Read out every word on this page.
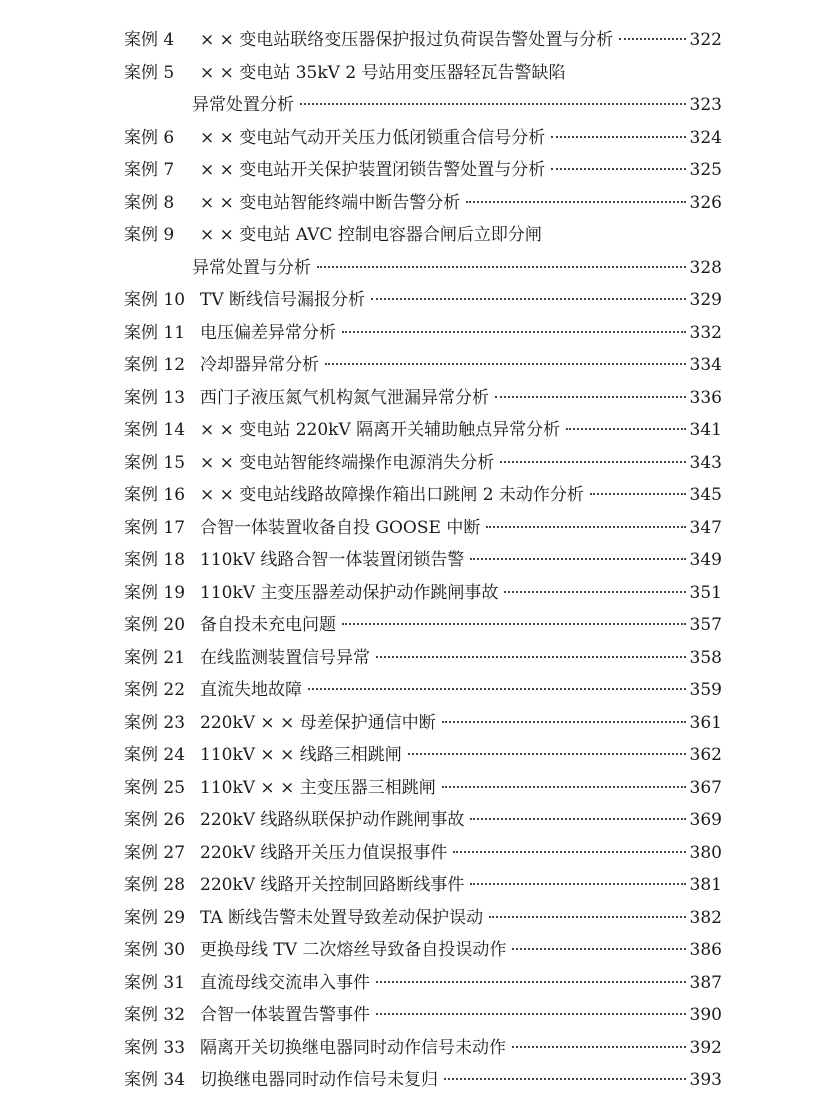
案例 4	× × 变电站联络变压器保护报过负荷误告警处置与分析	322
案例 5	× × 变电站 35kV 2 号站用变压器轻瓦告警缺陷
异常处置分析	323
案例 6	× × 变电站气动开关压力低闭锁重合信号分析	324
案例 7	× × 变电站开关保护装置闭锁告警处置与分析	325
案例 8	× × 变电站智能终端中断告警分析	326
案例 9	× × 变电站 AVC 控制电容器合闸后立即分闸
异常处置与分析	328
案例 10 TV 断线信号漏报分析	329
案例 11 电压偏差异常分析	332
案例 12 冷却器异常分析	334
案例 13 西门子液压氮气机构氮气泄漏异常分析	336
案例 14 × × 变电站 220kV 隔离开关辅助触点异常分析	341
案例 15 × × 变电站智能终端操作电源消失分析	343
案例 16 × × 变电站线路故障操作箱出口跳闸 2 未动作分析	345
案例 17 合智一体装置收备自投 GOOSE 中断	347
案例 18 110kV 线路合智一体装置闭锁告警	349
案例 19 110kV 主变压器差动保护动作跳闸事故	351
案例 20 备自投未充电问题	357
案例 21 在线监测装置信号异常	358
案例 22 直流失地故障	359
案例 23 220kV × × 母差保护通信中断	361
案例 24 110kV × × 线路三相跳闸	362
案例 25 110kV × × 主变压器三相跳闸	367
案例 26 220kV 线路纵联保护动作跳闸事故	369
案例 27 220kV 线路开关压力值误报事件	380
案例 28 220kV 线路开关控制回路断线事件	381
案例 29 TA 断线告警未处置导致差动保护误动	382
案例 30 更换母线 TV 二次熔丝导致备自投误动作	386
案例 31 直流母线交流串入事件	387
案例 32 合智一体装置告警事件	390
案例 33 隔离开关切换继电器同时动作信号未动作	392
案例 34 切换继电器同时动作信号未复归	393
